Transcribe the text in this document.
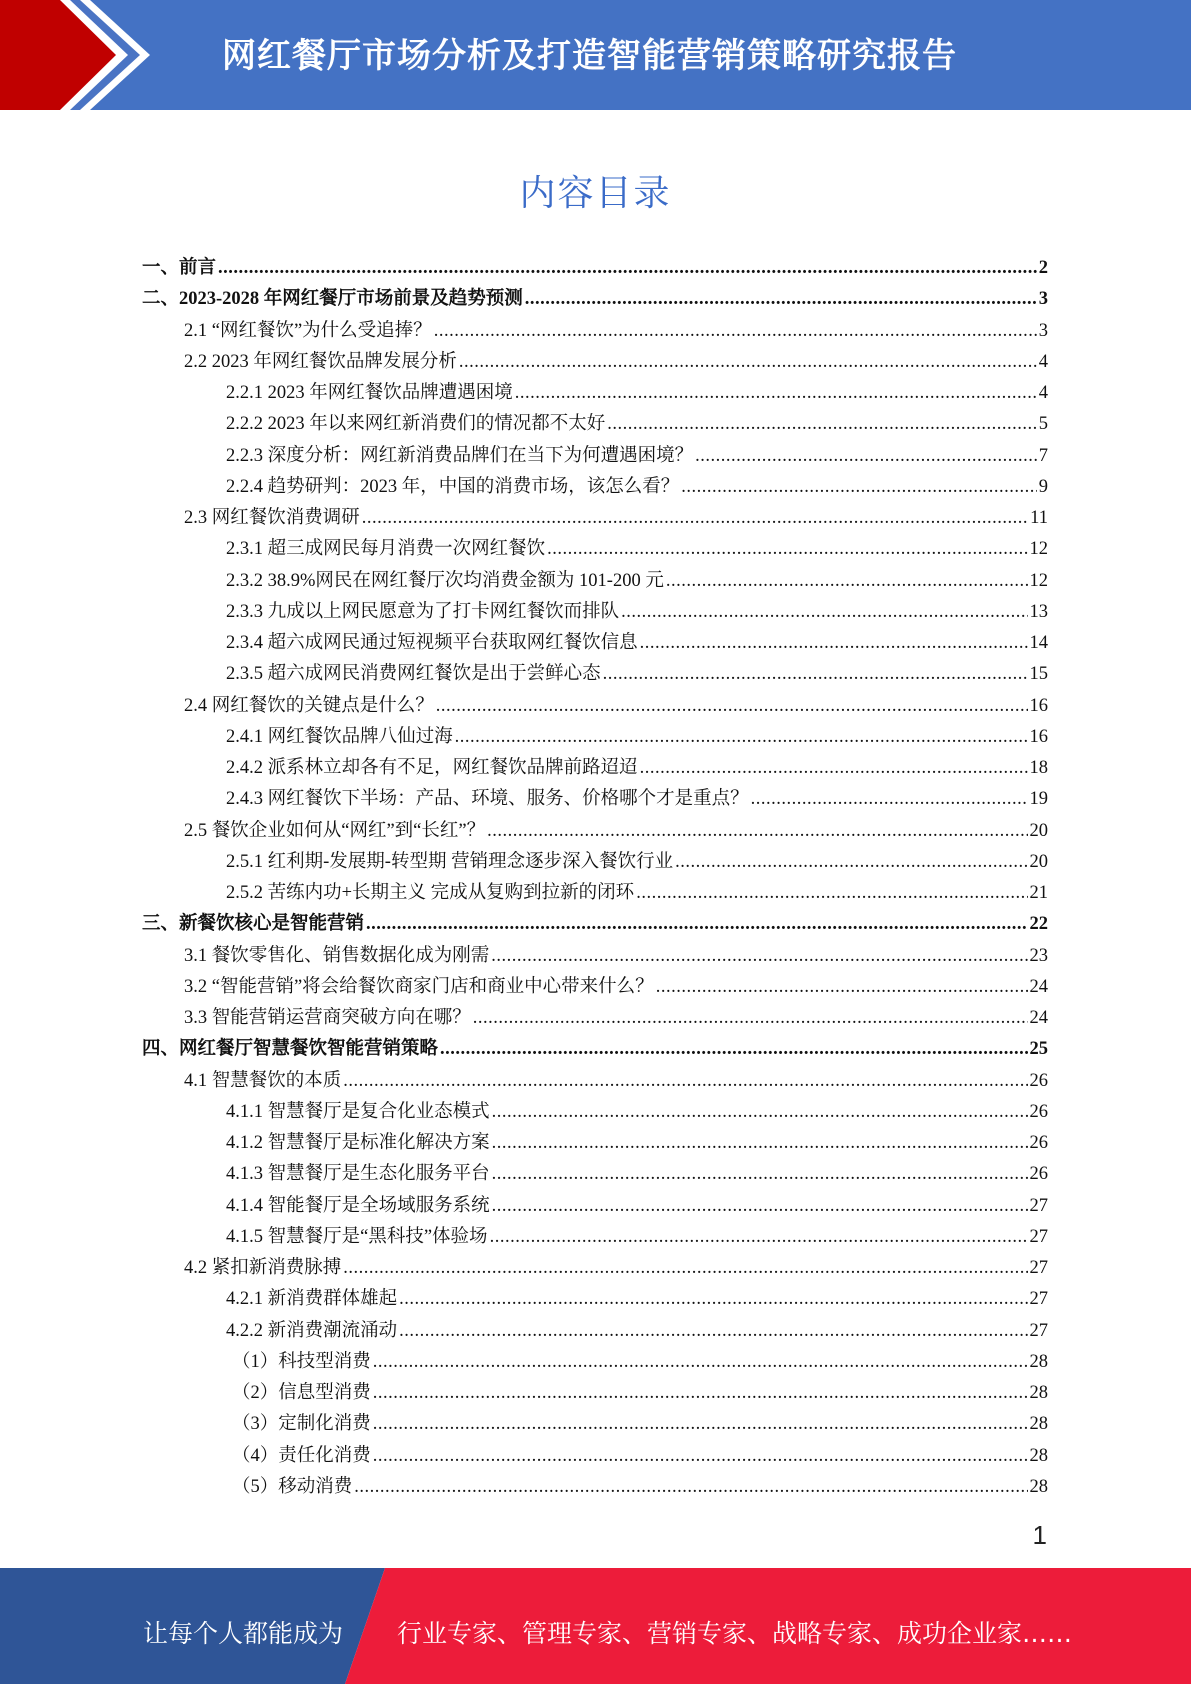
网红餐厅市场分析及打造智能营销策略研究报告
内容目录
一、前言 .....	2
二、2023-2028 年网红餐厅市场前景及趋势预测 .....	3
2.1 “网红餐饮”为什么受追捧？ .....	3
2.2 2023 年网红餐饮品牌发展分析 .....	4
2.2.1 2023 年网红餐饮品牌遭遇困境 .....	4
2.2.2 2023 年以来网红新消费们的情况都不太好 .....	5
2.2.3 深度分析：网红新消费品牌们在当下为何遭遇困境？ .....	7
2.2.4 趋势研判：2023 年，中国的消费市场，该怎么看？ .....	9
2.3 网红餐饮消费调研 .....	11
2.3.1 超三成网民每月消费一次网红餐饮 .....	12
2.3.2 38.9%网民在网红餐厅次均消费金额为 101-200 元 .....	12
2.3.3 九成以上网民愿意为了打卡网红餐饮而排队 .....	13
2.3.4 超六成网民通过短视频平台获取网红餐饮信息 .....	14
2.3.5 超六成网民消费网红餐饮是出于尝鲜心态 .....	15
2.4 网红餐饮的关键点是什么？ .....	16
2.4.1 网红餐饮品牌八仙过海 .....	16
2.4.2 派系林立却各有不足，网红餐饮品牌前路迢迢 .....	18
2.4.3 网红餐饮下半场：产品、环境、服务、价格哪个才是重点？ .....	19
2.5 餐饮企业如何从“网红”到“长红”？ .....	20
2.5.1 红利期-发展期-转型期 营销理念逐步深入餐饮行业 .....	20
2.5.2 苦练内功+长期主义 完成从复购到拉新的闭环 .....	21
三、新餐饮核心是智能营销 .....	22
3.1 餐饮零售化、销售数据化成为刚需 .....	23
3.2 “智能营销”将会给餐饮商家门店和商业中心带来什么？ .....	24
3.3 智能营销运营商突破方向在哪？ .....	24
四、网红餐厅智慧餐饮智能营销策略 .....	25
4.1 智慧餐饮的本质 .....	26
4.1.1 智慧餐厅是复合化业态模式 .....	26
4.1.2 智慧餐厅是标准化解决方案 .....	26
4.1.3 智慧餐厅是生态化服务平台 .....	26
4.1.4 智能餐厅是全场域服务系统 .....	27
4.1.5 智慧餐厅是“黑科技”体验场 .....	27
4.2 紧扣新消费脉搏 .....	27
4.2.1 新消费群体雄起 .....	27
4.2.2 新消费潮流涌动 .....	27
（1）科技型消费 .....	28
（2）信息型消费 .....	28
（3）定制化消费 .....	28
（4）责任化消费 .....	28
（5）移动消费 .....	28
1
让每个人都能成为 行业专家、管理专家、营销专家、战略专家、成功企业家……
